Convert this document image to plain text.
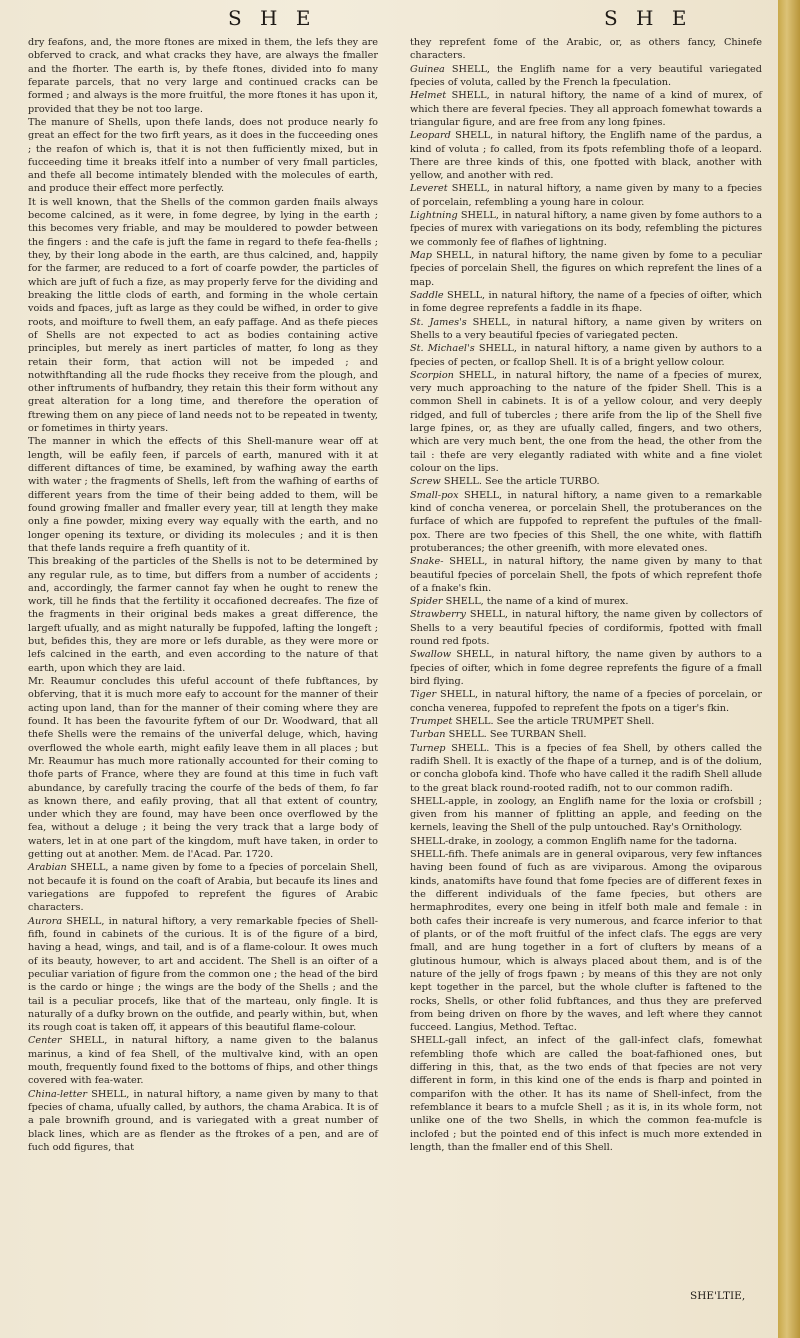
S H E	S H E

dry feafons, and, the more ftones are mixed in them, the lefs they are obferved to crack, and what cracks they have, are always the fmaller and the fhorter. The earth is, by thefe ftones, divided into fo many feparate parcels, that no very large and continued cracks can be formed ; and always is the more fruitful, the more ftones it has upon it, provided that they be not too large.

The manure of Shells, upon thefe lands, does not produce nearly fo great an effect for the two firft years, as it does in the fucceeding ones ; the reafon of which is, that it is not then fufficiently mixed, but in fucceeding time it breaks itfelf into a number of very fmall particles, and thefe all become intimately blended with the molecules of earth, and produce their effect more perfectly.

It is well known, that the Shells of the common garden fnails always become calcined, as it were, in fome degree, by lying in the earth ; this becomes very friable, and may be mouldered to powder between the fingers : and the cafe is juft the fame in regard to thefe fea-fhells ; they, by their long abode in the earth, are thus calcined, and, happily for the farmer, are reduced to a fort of coarfe powder, the particles of which are juft of fuch a fize, as may properly ferve for the dividing and breaking the little clods of earth, and forming in the whole certain voids and fpaces, juft as large as they could be wifhed, in order to give roots, and moifture to fwell them, an eafy paffage. And as thefe pieces of Shells are not expected to act as bodies containing active principles, but merely as inert particles of matter, fo long as they retain their form, that action will not be impeded ; and notwithftanding all the rude fhocks they receive from the plough, and other inftruments of hufbandry, they retain this their form without any great alteration for a long time, and therefore the operation of ftrewing them on any piece of land needs not to be repeated in twenty, or fometimes in thirty years.

The manner in which the effects of this Shell-manure wear off at length, will be eafily feen, if parcels of earth, manured with it at different diftances of time, be examined, by wafhing away the earth with water ; the fragments of Shells, left from the wafhing of earths of different years from the time of their being added to them, will be found growing fmaller and fmaller every year, till at length they make only a fine powder, mixing every way equally with the earth, and no longer opening its texture, or dividing its molecules ; and it is then that thefe lands require a frefh quantity of it.

This breaking of the particles of the Shells is not to be determined by any regular rule, as to time, but differs from a number of accidents ; and, accordingly, the farmer cannot fay when he ought to renew the work, till he finds that the fertility it occafioned decreafes. The fize of the fragments in their original beds makes a great difference, the largeft ufually, and as might naturally be fuppofed, lafting the longeft ; but, befides this, they are more or lefs durable, as they were more or lefs calcined in the earth, and even according to the nature of that earth, upon which they are laid.

Mr. Reaumur concludes this ufeful account of thefe fubftances, by obferving, that it is much more eafy to account for the manner of their acting upon land, than for the manner of their coming where they are found. It has been the favourite fyftem of our Dr. Woodward, that all thefe Shells were the remains of the univerfal deluge, which, having overflowed the whole earth, might eafily leave them in all places ; but Mr. Reaumur has much more rationally accounted for their coming to thofe parts of France, where they are found at this time in fuch vaft abundance, by carefully tracing the courfe of the beds of them, fo far as known there, and eafily proving, that all that extent of country, under which they are found, may have been once overflowed by the fea, without a deluge ; it being the very track that a large body of waters, let in at one part of the kingdom, muft have taken, in order to getting out at another. Mem. de l'Acad. Par. 1720.

Arabian SHELL, a name given by fome to a fpecies of porcelain Shell, not becaufe it is found on the coaft of Arabia, but becaufe its lines and variegations are fuppofed to reprefent the figures of Arabic characters.

Aurora SHELL, in natural hiftory, a very remarkable fpecies of Shell-fifh, found in cabinets of the curious. It is of the figure of a bird, having a head, wings, and tail, and is of a flame-colour. It owes much of its beauty, however, to art and accident. The Shell is an oifter of a peculiar variation of figure from the common one ; the head of the bird is the cardo or hinge ; the wings are the body of the Shells ; and the tail is a peculiar procefs, like that of the marteau, only fingle. It is naturally of a dufky brown on the outfide, and pearly within, but, when its rough coat is taken off, it appears of this beautiful flame-colour.

Center SHELL, in natural hiftory, a name given to the balanus marinus, a kind of fea Shell, of the multivalve kind, with an open mouth, frequently found fixed to the bottoms of fhips, and other things covered with fea-water.

China-letter SHELL, in natural hiftory, a name given by many to that fpecies of chama, ufually called, by authors, the chama Arabica. It is of a pale brownifh ground, and is variegated with a great number of black lines, which are as flender as the ftrokes of a pen, and are of fuch odd figures, that

they reprefent fome of the Arabic, or, as others fancy, Chinefe characters.

Guinea SHELL, the Englifh name for a very beautiful variegated fpecies of voluta, called by the French la fpeculation.

Helmet SHELL, in natural hiftory, the name of a kind of murex, of which there are feveral fpecies. They all approach fomewhat towards a triangular figure, and are free from any long fpines.

Leopard SHELL, in natural hiftory, the Englifh name of the pardus, a kind of voluta ; fo called, from its fpots refembling thofe of a leopard. There are three kinds of this, one fpotted with black, another with yellow, and another with red.

Leveret SHELL, in natural hiftory, a name given by many to a fpecies of porcelain, refembling a young hare in colour.

Lightning SHELL, in natural hiftory, a name given by fome authors to a fpecies of murex with variegations on its body, refembling the pictures we commonly fee of flafhes of lightning.

Map SHELL, in natural hiftory, the name given by fome to a peculiar fpecies of porcelain Shell, the figures on which reprefent the lines of a map.

Saddle SHELL, in natural hiftory, the name of a fpecies of oifter, which in fome degree reprefents a faddle in its fhape.

St. James's SHELL, in natural hiftory, a name given by writers on Shells to a very beautiful fpecies of variegated pecten.

St. Michael's SHELL, in natural hiftory, a name given by authors to a fpecies of pecten, or fcallop Shell. It is of a bright yellow colour.

Scorpion SHELL, in natural hiftory, the name of a fpecies of murex, very much approaching to the nature of the fpider Shell. This is a common Shell in cabinets. It is of a yellow colour, and very deeply ridged, and full of tubercles ; there arife from the lip of the Shell five large fpines, or, as they are ufually called, fingers, and two others, which are very much bent, the one from the head, the other from the tail : thefe are very elegantly radiated with white and a fine violet colour on the lips.

Screw SHELL. See the article TURBO.

Small-pox SHELL, in natural hiftory, a name given to a remarkable kind of concha venerea, or porcelain Shell, the protuberances on the furface of which are fuppofed to reprefent the puftules of the fmall-pox. There are two fpecies of this Shell, the one white, with flattifh protuberances; the other greenifh, with more elevated ones.

Snake- SHELL, in natural hiftory, the name given by many to that beautiful fpecies of porcelain Shell, the fpots of which reprefent thofe of a fnake's fkin.

Spider SHELL, the name of a kind of murex.

Strawberry SHELL, in natural hiftory, the name given by collectors of Shells to a very beautiful fpecies of cordiformis, fpotted with fmall round red fpots.

Swallow SHELL, in natural hiftory, the name given by authors to a fpecies of oifter, which in fome degree reprefents the figure of a fmall bird flying.

Tiger SHELL, in natural hiftory, the name of a fpecies of porcelain, or concha venerea, fuppofed to reprefent the fpots on a tiger's fkin.

Trumpet SHELL. See the article TRUMPET Shell.

Turban SHELL. See TURBAN Shell.

Turnep SHELL. This is a fpecies of fea Shell, by others called the radifh Shell. It is exactly of the fhape of a turnep, and is of the dolium, or concha globofa kind. Thofe who have called it the radifh Shell allude to the great black round-rooted radifh, not to our common radifh.

SHELL-apple, in zoology, an Englifh name for the loxia or crofsbill ; given from his manner of fplitting an apple, and feeding on the kernels, leaving the Shell of the pulp untouched. Ray's Ornithology.

SHELL-drake, in zoology, a common Englifh name for the tadorna.

SHELL-fifh. Thefe animals are in general oviparous, very few inftances having been found of fuch as are viviparous. Among the oviparous kinds, anatomifts have found that fome fpecies are of different fexes in the different individuals of the fame fpecies, but others are hermaphrodites, every one being in itfelf both male and female : in both cafes their increafe is very numerous, and fcarce inferior to that of plants, or of the moft fruitful of the infect clafs. The eggs are very fmall, and are hung together in a fort of clufters by means of a glutinous humour, which is always placed about them, and is of the nature of the jelly of frogs fpawn ; by means of this they are not only kept together in the parcel, but the whole clufter is faftened to the rocks, Shells, or other folid fubftances, and thus they are preferved from being driven on fhore by the waves, and left where they cannot fucceed. Langius, Method. Teftac.

SHELL-gall infect, an infect of the gall-infect clafs, fomewhat refembling thofe which are called the boat-fafhioned ones, but differing in this, that, as the two ends of that fpecies are not very different in form, in this kind one of the ends is fharp and pointed in comparifon with the other. It has its name of Shell-infect, from the refemblance it bears to a mufcle Shell ; as it is, in its whole form, not unlike one of the two Shells, in which the common fea-mufcle is inclofed ; but the pointed end of this infect is much more extended in length, than the fmaller end of this Shell.

SHE'LTIE,
